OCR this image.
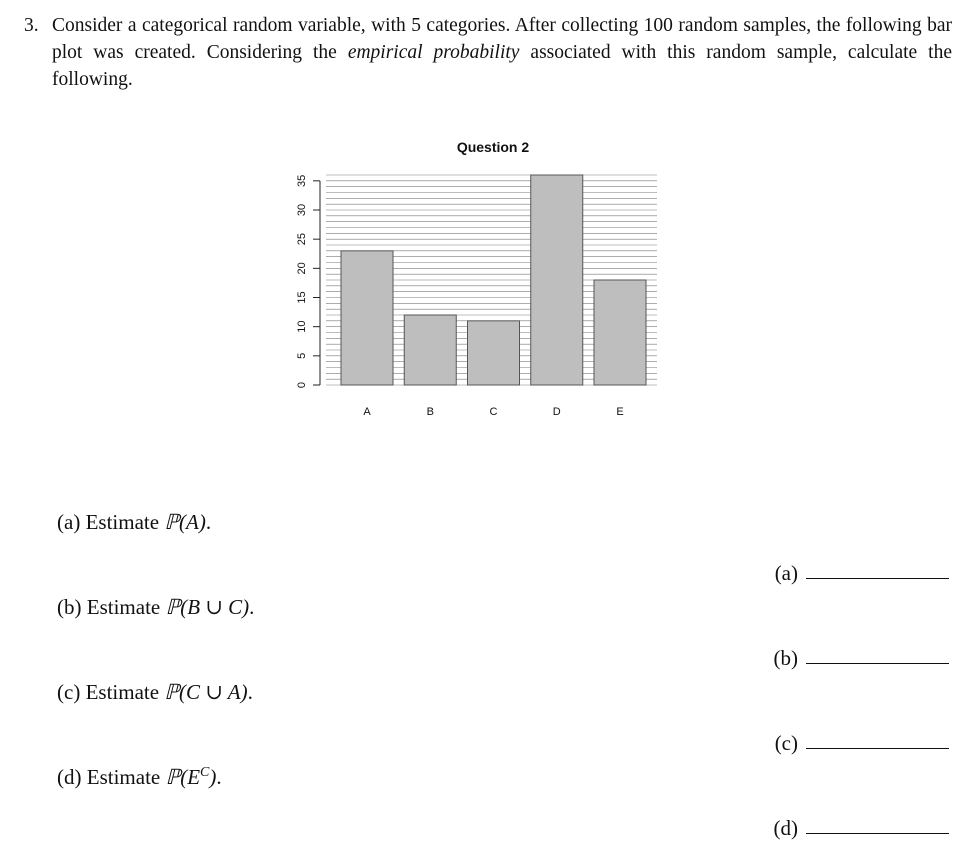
3. Consider a categorical random variable, with 5 categories. After collecting 100 random samples, the following bar plot was created. Considering the empirical probability associated with this random sample, calculate the following.
0
5
10
15
20
25
30
35
A	B	C	D	E
Question 2
(a) Estimate ℙ(A).
(b) Estimate ℙ(B ∪ C).
(c) Estimate ℙ(C ∪ A).
(d) Estimate $ℙ(E^C)$.
(a)
(b)
(c)
(d)
